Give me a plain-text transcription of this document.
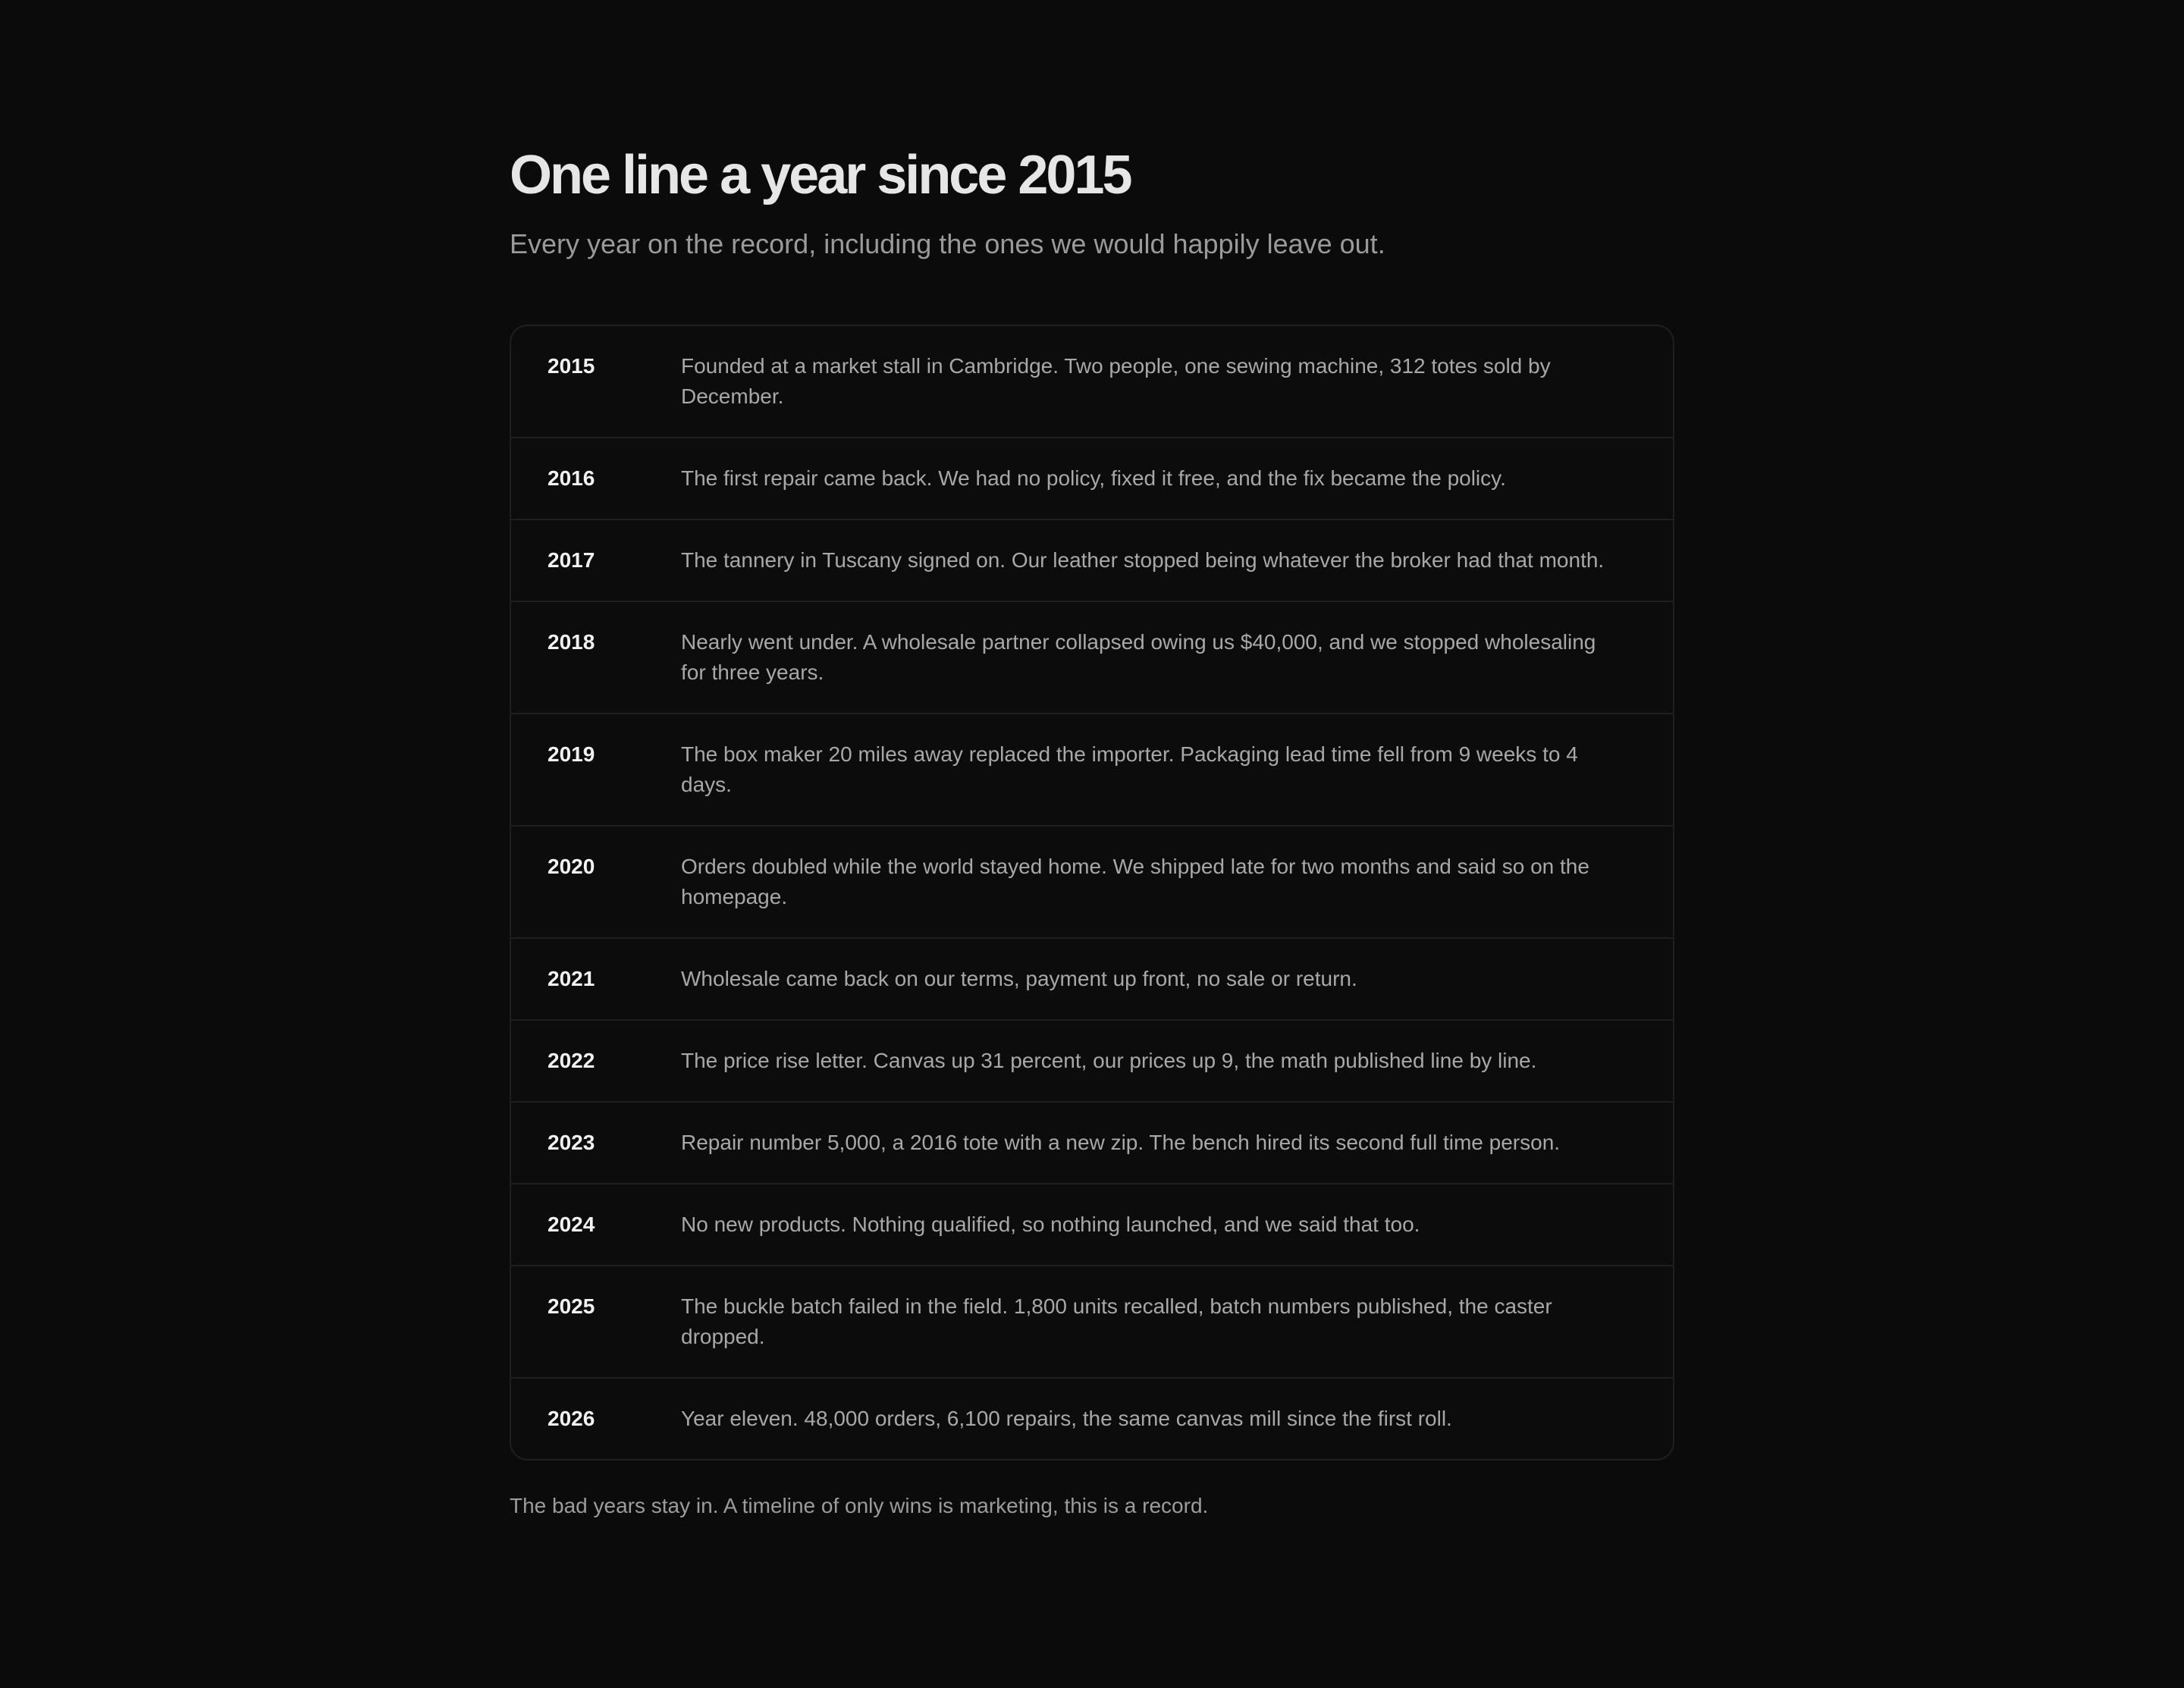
One line a year since 2015

Every year on the record, including the ones we would happily leave out.

2015	Founded at a market stall in Cambridge. Two people, one sewing machine, 312 totes sold by December.
2016	The first repair came back. We had no policy, fixed it free, and the fix became the policy.
2017	The tannery in Tuscany signed on. Our leather stopped being whatever the broker had that month.
2018	Nearly went under. A wholesale partner collapsed owing us $40,000, and we stopped wholesaling for three years.
2019	The box maker 20 miles away replaced the importer. Packaging lead time fell from 9 weeks to 4 days.
2020	Orders doubled while the world stayed home. We shipped late for two months and said so on the homepage.
2021	Wholesale came back on our terms, payment up front, no sale or return.
2022	The price rise letter. Canvas up 31 percent, our prices up 9, the math published line by line.
2023	Repair number 5,000, a 2016 tote with a new zip. The bench hired its second full time person.
2024	No new products. Nothing qualified, so nothing launched, and we said that too.
2025	The buckle batch failed in the field. 1,800 units recalled, batch numbers published, the caster dropped.
2026	Year eleven. 48,000 orders, 6,100 repairs, the same canvas mill since the first roll.

The bad years stay in. A timeline of only wins is marketing, this is a record.
